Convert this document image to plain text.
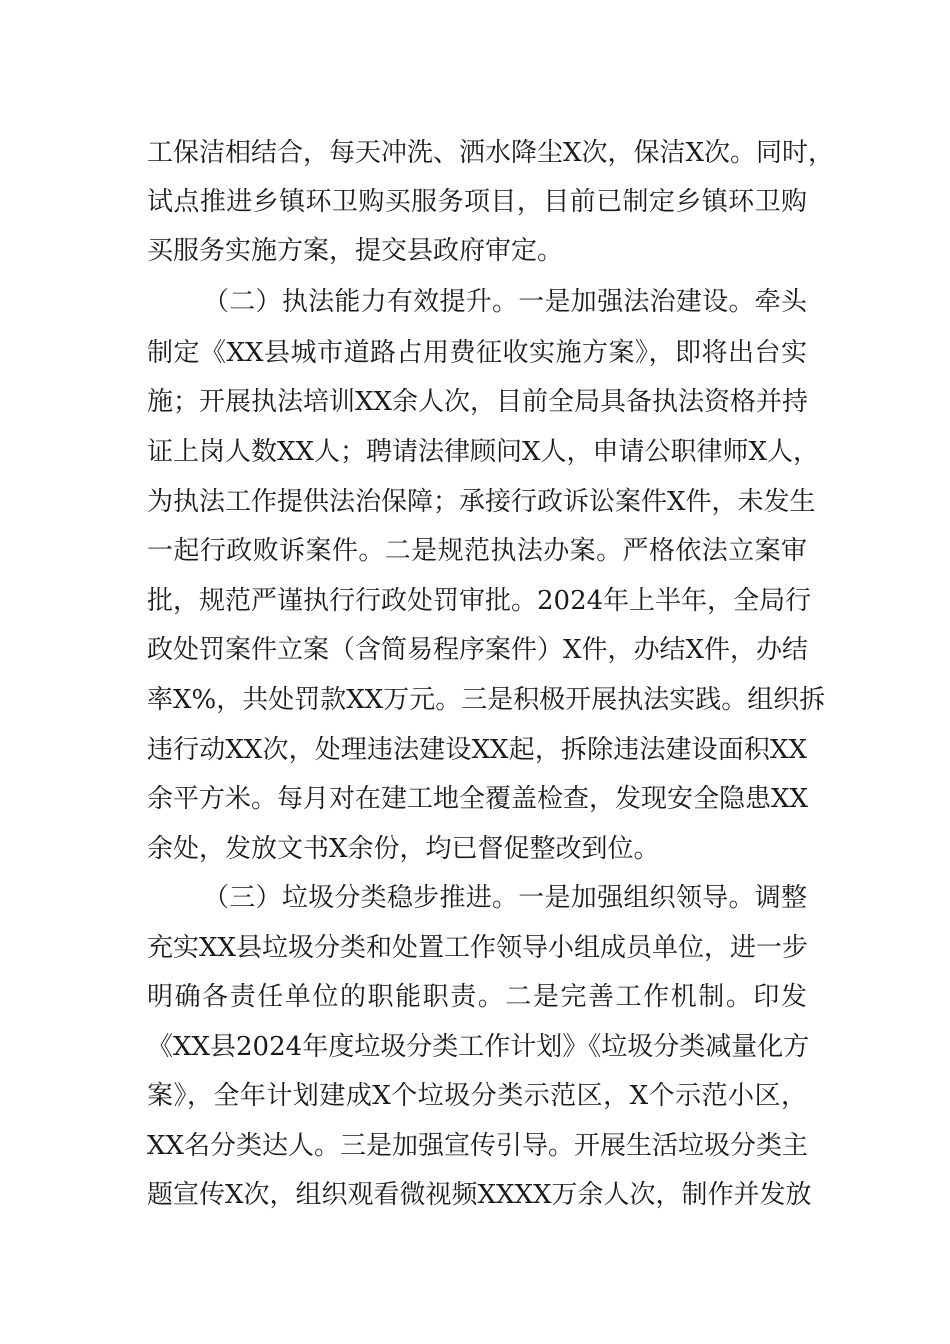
工保洁相结合，每天冲洗、洒水降尘X次，保洁X次。同时，
试点推进乡镇环卫购买服务项目，目前已制定乡镇环卫购
买服务实施方案，提交县政府审定。
（二）执法能力有效提升。一是加强法治建设。牵头
制定《XX县城市道路占用费征收实施方案》，即将出台实
施；开展执法培训XX余人次，目前全局具备执法资格并持
证上岗人数XX人；聘请法律顾问X人，申请公职律师X人，
为执法工作提供法治保障；承接行政诉讼案件X件，未发生
一起行政败诉案件。二是规范执法办案。严格依法立案审
批，规范严谨执行行政处罚审批。2024年上半年，全局行
政处罚案件立案（含简易程序案件）X件，办结X件，办结
率X%，共处罚款XX万元。三是积极开展执法实践。组织拆
违行动XX次，处理违法建设XX起，拆除违法建设面积XX
余平方米。每月对在建工地全覆盖检查，发现安全隐患XX
余处，发放文书X余份，均已督促整改到位。
（三）垃圾分类稳步推进。一是加强组织领导。调整
充实XX县垃圾分类和处置工作领导小组成员单位，进一步
明确各责任单位的职能职责。二是完善工作机制。印发
《XX县2024年度垃圾分类工作计划》《垃圾分类减量化方
案》，全年计划建成X个垃圾分类示范区，X个示范小区，
XX名分类达人。三是加强宣传引导。开展生活垃圾分类主
题宣传X次，组织观看微视频XXXX万余人次，制作并发放
